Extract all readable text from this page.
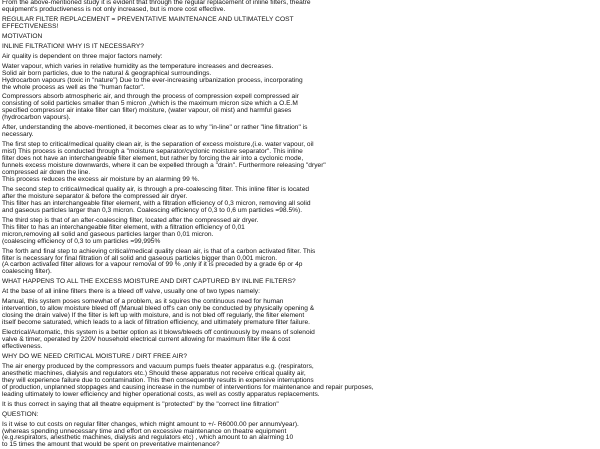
From the above-mentioned study it is evident that through the regular replacement of inline filters, theatre
equipment's productiveness is not only increased, but is more cost effective.

REGULAR FILTER REPLACEMENT = PREVENTATIVE MAINTENANCE AND ULTIMATELY COST
EFFECTIVENESS!

MOTIVATION

INLINE FILTRATION! WHY IS IT NECESSARY?

Air quality is dependent on three major factors namely:

Water vapour, which varies in relative humidity as the temperature increases and decreases.
Solid air born particles, due to the natural & geographical surroundings.
Hydrocarbon vapours (toxic in "nature") Due to the ever-increasing urbanization process, incorporating
the whole process as well as the "human factor".

Compressors absorb atmospheric air, and through the process of compression expell compressed air
consisting of solid particles smaller than 5 micron ,(which is the maximum micron size which a O.E.M
specified compressor air intake filter can filter) moisture, (water vapour, oil mist) and harmful gases
(hydrocarbon vapours).

After, understanding the above-mentioned, it becomes clear as to why "in-line" or rather "line filtration" is
necessary.

The first step to critical/medical quality clean air, is the separation of excess moisture,(i.e. water vapour, oil
mist) This process is conducted through a "moisture separator/cyclonic moisture separator". This inline
filter does not have an interchangeable filter element, but rather by forcing the air into a cyclonic mode,
funnels excess moisture downwards, where it can be expelled through a "drain". Furthermore releasing "dryer"
compressed air down the line.
This process reduces the excess air moisture by an alarming 99 %.

The second step to critical/medical quality air, is through a pre-coalescing filter. This inline filter is located
after the moisture separator & before the compressed air dryer.
This filter has an interchangeable filter element, with a filtration efficiency of 0,3 micron, removing all solid
and gaseous particles larger than 0,3 micron. Coalescing efficiency of 0,3 to 0,6 um particles =98.5%).

The third step is that of an after-coalescing filter, located after the compressed air dryer.
This filter to has an interchangeable filter element, with a filtration efficiency of 0,01
micron,removing all solid and gaseous particles larger than 0,01 micron.
(coalescing efficiency of 0,3 to um particles =99,995%

The forth and final step to achieving critical/medical quality clean air, is that of a carbon activated filter. This
filter is necessary for final filtration of all solid and gaseous particles bigger than 0,001 micron.
(A carbon activated filter allows for a vapour removal of 99 % ,only if it is preceded by a grade 6p or 4p
coalescing filter).

WHAT HAPPENS TO ALL THE EXCESS MOISTURE AND DIRT CAPTURED BY INLINE FILTERS?

At the base of all inline filters there is a bleed off valve, usually one of two types namely:

Manual, this system poses somewhat of a problem, as it squires the continuous need for human
intervention, to allow moisture bleed off (Manual bleed off's can only be conducted by physically opening &
closing the drain valve) If the filter is left up with moisture, and is not bled off regularly, the filter element
itself become saturated, which leads to a lack of filtration efficiency, and ultimately premature filter failure.

Electrical/Automatic, this system is a better option as it blows/bleeds off continuously by means of solenoid
valve & timer, operated by 220V household electrical current allowing for maximum filter life & cost
effectiveness.

WHY DO WE NEED CRITICAL MOISTURE / DIRT FREE AIR?

The air energy produced by the compressors and vacuum pumps fuels theater apparatus e.g. (respirators,
anesthetic machines, dialysis and regulators etc.) Should these apparatus not receive critical quality air,
they will experience failure due to contamination. This then consequently results in expensive interruptions
of production, unplanned stoppages and causing increase in the number of interventions for maintenance and repair purposes,
leading ultimately to lower efficiency and higher operational costs, as well as costly apparatus replacements.

It is thus correct in saying that all theatre equipment is "protected" by the "correct line filtration"

QUESTION:

Is it wise to cut costs on regular filter changes, which might amount to +/- R6000.00 per annum/year).
(whereas spending unnecessary time and effort on excessive maintenance on theatre equipment
(e.g.respirators, anesthetic machines, dialysis and regulators etc) , which amount to an alarming 10
to 15 times the amount that would be spent on preventative maintenance?
